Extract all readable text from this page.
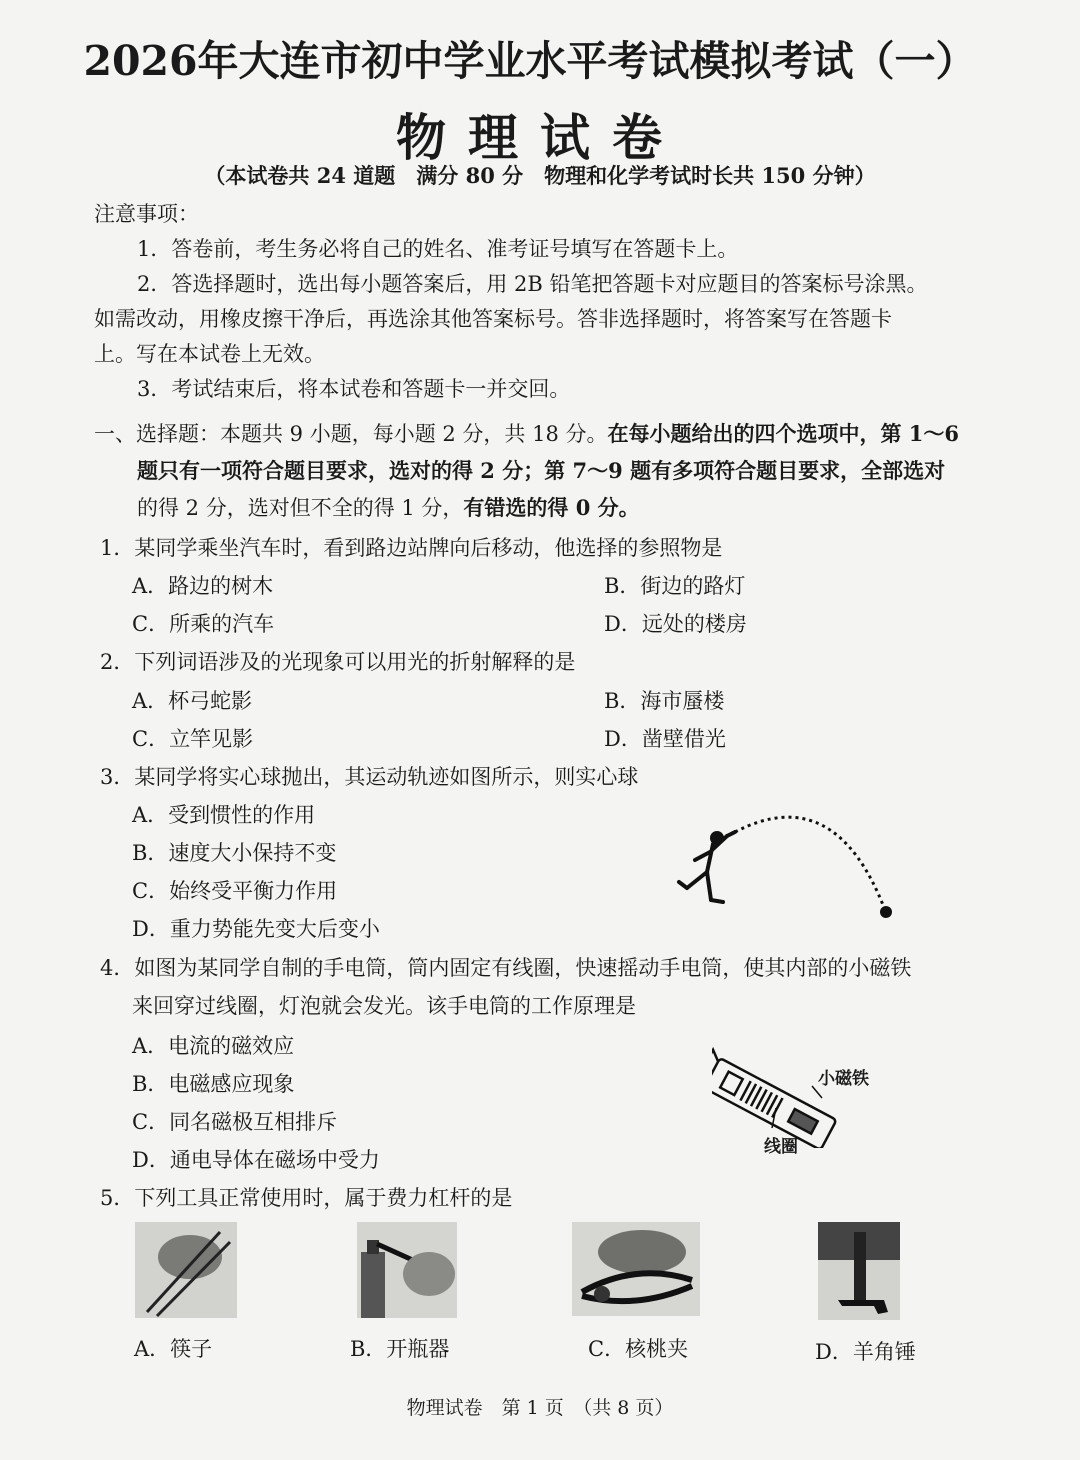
2026年大连市初中学业水平考试模拟考试（一）
物理试卷
（本试卷共 24 道题　满分 80 分　物理和化学考试时长共 150 分钟）
注意事项：
1．答卷前，考生务必将自己的姓名、准考证号填写在答题卡上。
2．答选择题时，选出每小题答案后，用 2B 铅笔把答题卡对应题目的答案标号涂黑。
如需改动，用橡皮擦干净后，再选涂其他答案标号。答非选择题时，将答案写在答题卡
上。写在本试卷上无效。
3．考试结束后，将本试卷和答题卡一并交回。
一、选择题：本题共 9 小题，每小题 2 分，共 18 分。在每小题给出的四个选项中，第 1～6
题只有一项符合题目要求，选对的得 2 分；第 7～9 题有多项符合题目要求，全部选对
的得 2 分，选对但不全的得 1 分，有错选的得 0 分。
1．某同学乘坐汽车时，看到路边站牌向后移动，他选择的参照物是
A．路边的树木	B．街边的路灯
C．所乘的汽车	D．远处的楼房
2．下列词语涉及的光现象可以用光的折射解释的是
A．杯弓蛇影	B．海市蜃楼
C．立竿见影	D．凿壁借光
3．某同学将实心球抛出，其运动轨迹如图所示，则实心球
A．受到惯性的作用
B．速度大小保持不变
C．始终受平衡力作用
D．重力势能先变大后变小
4．如图为某同学自制的手电筒，筒内固定有线圈，快速摇动手电筒，使其内部的小磁铁
来回穿过线圈，灯泡就会发光。该手电筒的工作原理是
A．电流的磁效应
B．电磁感应现象
C．同名磁极互相排斥
D．通电导体在磁场中受力
小磁铁
线圈
5．下列工具正常使用时，属于费力杠杆的是
A．筷子	B．开瓶器	C．核桃夹	D．羊角锤
物理试卷　第 1 页　（共 8 页）
